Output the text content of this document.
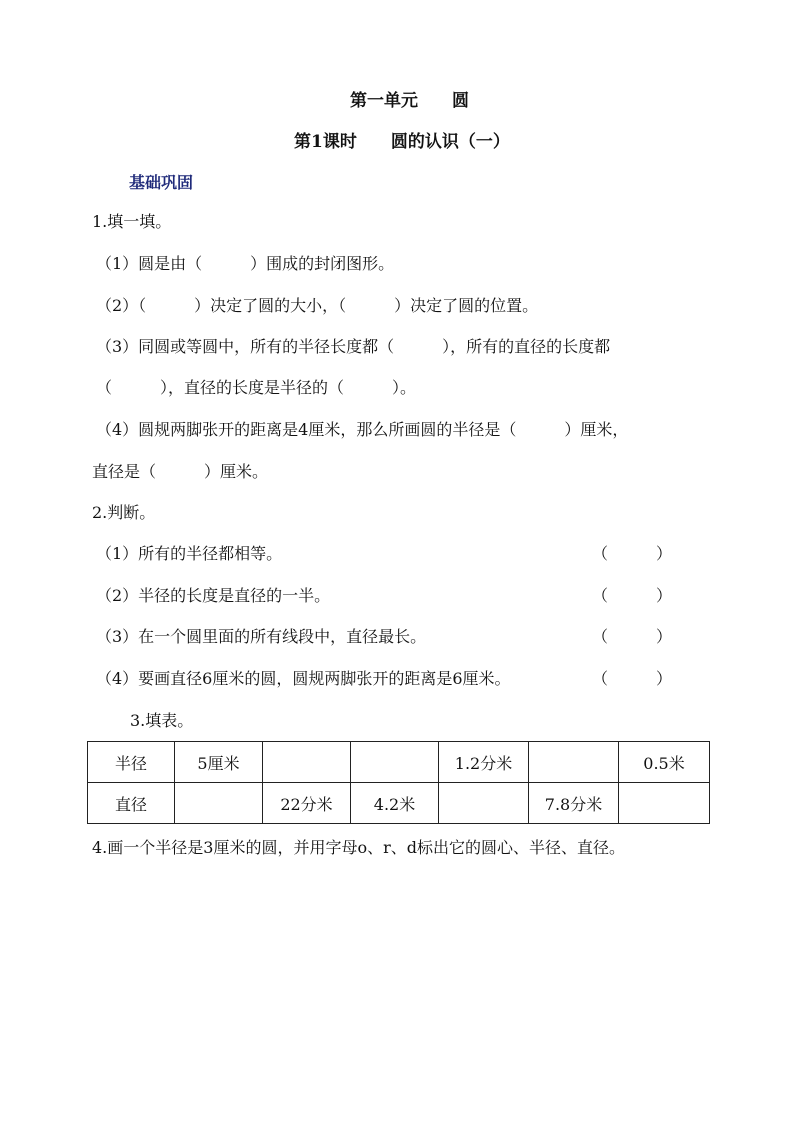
第一单元　　圆
第1课时　　圆的认识（一）
基础巩固
1.填一填。
（1）圆是由（　　　）围成的封闭图形。
（2）（　　　）决定了圆的大小，（　　　）决定了圆的位置。
（3）同圆或等圆中，所有的半径长度都（　　　），所有的直径的长度都
（　　　），直径的长度是半径的（　　　）。
（4）圆规两脚张开的距离是4厘米，那么所画圆的半径是（　　　）厘米，
直径是（　　　）厘米。
2.判断。
（1）所有的半径都相等。	（　　　）
（2）半径的长度是直径的一半。	（　　　）
（3）在一个圆里面的所有线段中，直径最长。	（　　　）
（4）要画直径6厘米的圆，圆规两脚张开的距离是6厘米。	（　　　）
3.填表。
半径	5厘米			1.2分米		0.5米
直径		22分米	4.2米		7.8分米	
4.画一个半径是3厘米的圆，并用字母o、r、d标出它的圆心、半径、直径。
